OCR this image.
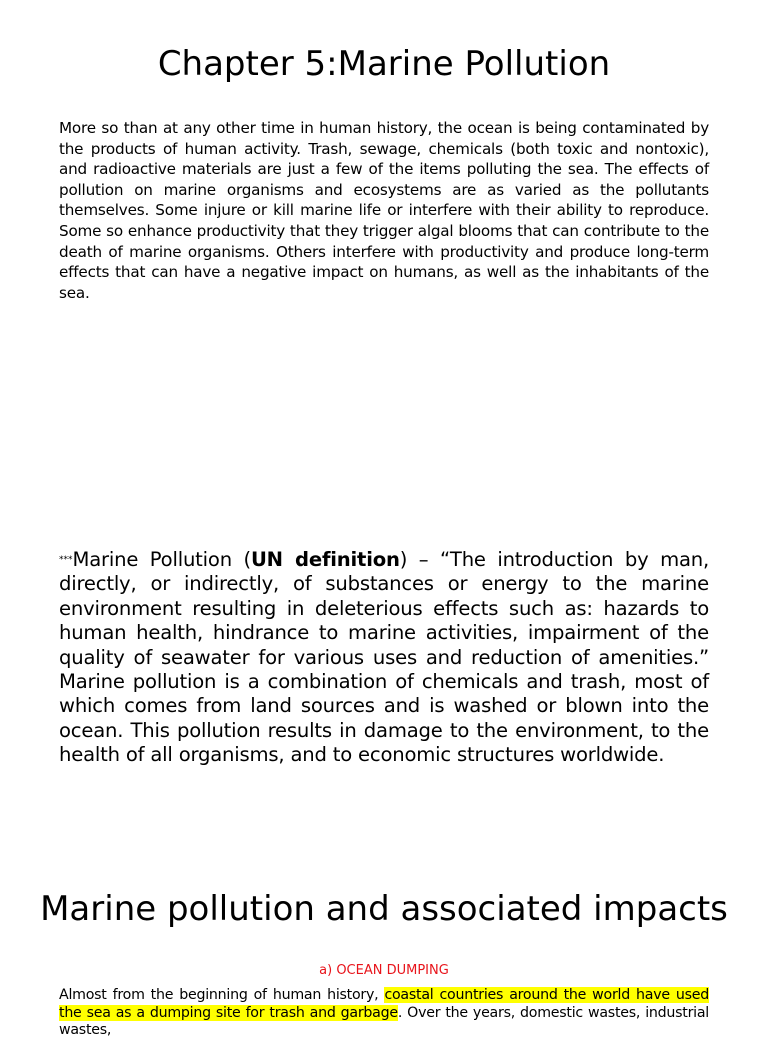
Chapter 5:Marine Pollution

More so than at any other time in human history, the ocean is being contaminated by the products of human activity. Trash, sewage, chemicals (both toxic and nontoxic), and radioactive materials are just a few of the items polluting the sea. The effects of pollution on marine organisms and ecosystems are as varied as the pollutants themselves. Some injure or kill marine life or interfere with their ability to reproduce. Some so enhance productivity that they trigger algal blooms that can contribute to the death of marine organisms. Others interfere with productivity and produce long-term effects that can have a negative impact on humans, as well as the inhabitants of the sea.

***Marine Pollution (UN definition) – “The introduction by man, directly, or indirectly, of substances or energy to the marine environment resulting in deleterious effects such as: hazards to human health, hindrance to marine activities, impairment of the quality of seawater for various uses and reduction of amenities.” Marine pollution is a combination of chemicals and trash, most of which comes from land sources and is washed or blown into the ocean. This pollution results in damage to the environment, to the health of all organisms, and to economic structures worldwide.

Marine pollution and associated impacts
a) OCEAN DUMPING

Almost from the beginning of human history, coastal countries around the world have used the sea as a dumping site for trash and garbage. Over the years, domestic wastes, industrial wastes,
